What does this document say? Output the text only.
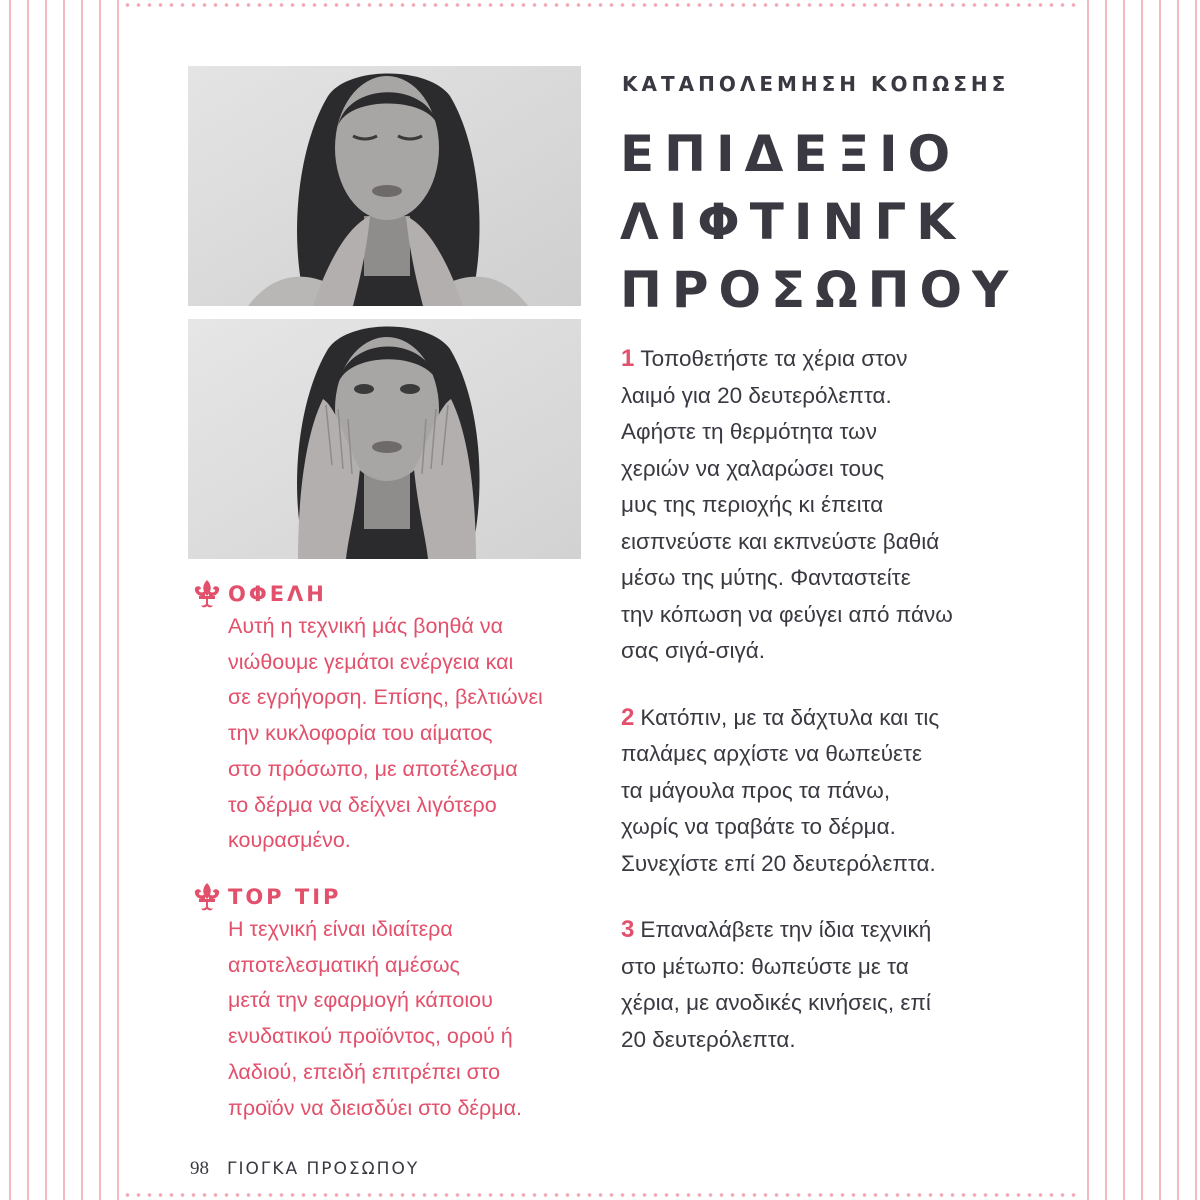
ΚΑΤΑΠΟΛΕΜΗΣΗ ΚΟΠΩΣΗΣ
ΕΠΙΔΕΞΙΟ
ΛΙΦΤΙΝΓΚ
ΠΡΟΣΩΠΟΥ
1 Τοποθετήστε τα χέρια στον
λαιμό για 20 δευτερόλεπτα.
Αφήστε τη θερμότητα των
χεριών να χαλαρώσει τους
μυς της περιοχής κι έπειτα
εισπνεύστε και εκπνεύστε βαθιά
μέσω της μύτης. Φανταστείτε
την κόπωση να φεύγει από πάνω
σας σιγά-σιγά.
2 Κατόπιν, με τα δάχτυλα και τις
παλάμες αρχίστε να θωπεύετε
τα μάγουλα προς τα πάνω,
χωρίς να τραβάτε το δέρμα.
Συνεχίστε επί 20 δευτερόλεπτα.
3 Επαναλάβετε την ίδια τεχνική
στο μέτωπο: θωπεύστε με τα
χέρια, με ανοδικές κινήσεις, επί
20 δευτερόλεπτα.
ΟΦΕΛΗ
Αυτή η τεχνική μάς βοηθά να
νιώθουμε γεμάτοι ενέργεια και
σε εγρήγορση. Επίσης, βελτιώνει
την κυκλοφορία του αίματος
στο πρόσωπο, με αποτέλεσμα
το δέρμα να δείχνει λιγότερο
κουρασμένο.
TOP TIP
Η τεχνική είναι ιδιαίτερα
αποτελεσματική αμέσως
μετά την εφαρμογή κάποιου
ενυδατικού προϊόντος, ορού ή
λαδιού, επειδή επιτρέπει στο
προϊόν να διεισδύει στο δέρμα.
98 ΓΙΟΓΚΑ ΠΡΟΣΩΠΟΥ
